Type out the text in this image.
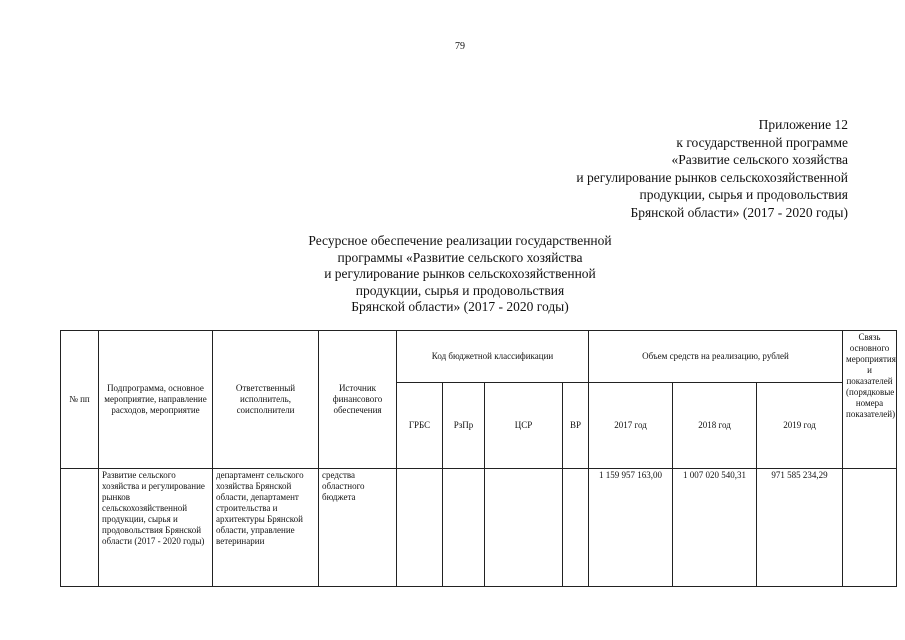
79
Приложение 12
к государственной программе
«Развитие сельского хозяйства
и регулирование рынков сельскохозяйственной
продукции, сырья и продовольствия
Брянской области» (2017 - 2020 годы)
Ресурсное обеспечение реализации государственной
программы «Развитие сельского хозяйства
и регулирование рынков сельскохозяйственной
продукции, сырья и продовольствия
Брянской области» (2017 - 2020 годы)
№ пп	Подпрограмма, основное мероприятие, направление расходов, мероприятие	Ответственный исполнитель, соисполнители	Источник финансового обеспечения	Код бюджетной классификации				Объем средств на реализацию, рублей			Связь основного мероприятия и показателей (порядковые номера показателей)
				ГРБС	РзПр	ЦСР	ВР	2017 год	2018 год	2019 год	
	Развитие сельского хозяйства и регулирование рынков сельскохозяйственной продукции, сырья и продовольствия Брянской области (2017 - 2020 годы)	департамент сельского хозяйства Брянской области, департамент строительства и архитектуры Брянской области, управление ветеринарии	средства областного бюджета					1 159 957 163,00	1 007 020 540,31	971 585 234,29	
